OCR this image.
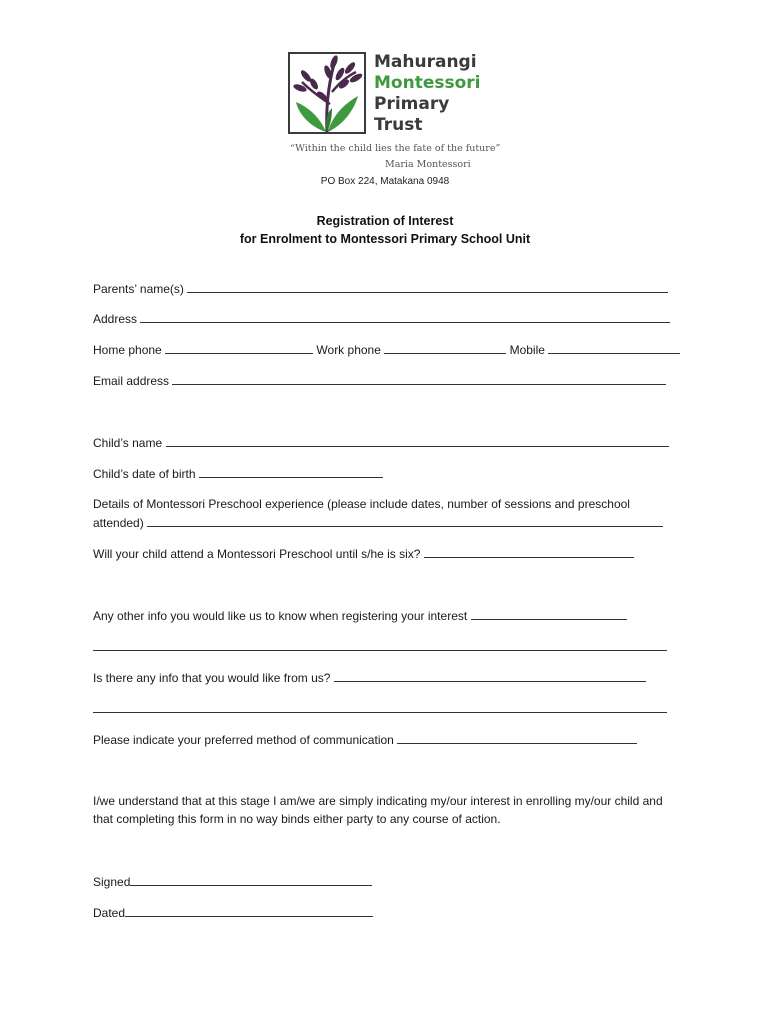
Mahurangi
Montessori
Primary
Trust
“Within the child lies the fate of the future”
Maria Montessori
PO Box 224, Matakana 0948
Registration of Interest
for Enrolment to Montessori Primary School Unit
Parents’ name(s)
Address
Home phone	Work phone	Mobile
Email address
Child’s name
Child’s date of birth
Details of Montessori Preschool experience (please include dates, number of sessions and preschool
attended)
Will your child attend a Montessori Preschool until s/he is six?
Any other info you would like us to know when registering your interest
Is there any info that you would like from us?
Please indicate your preferred method of communication
I/we understand that at this stage I am/we are simply indicating my/our interest in enrolling my/our child and that completing this form in no way binds either party to any course of action.
Signed
Dated
